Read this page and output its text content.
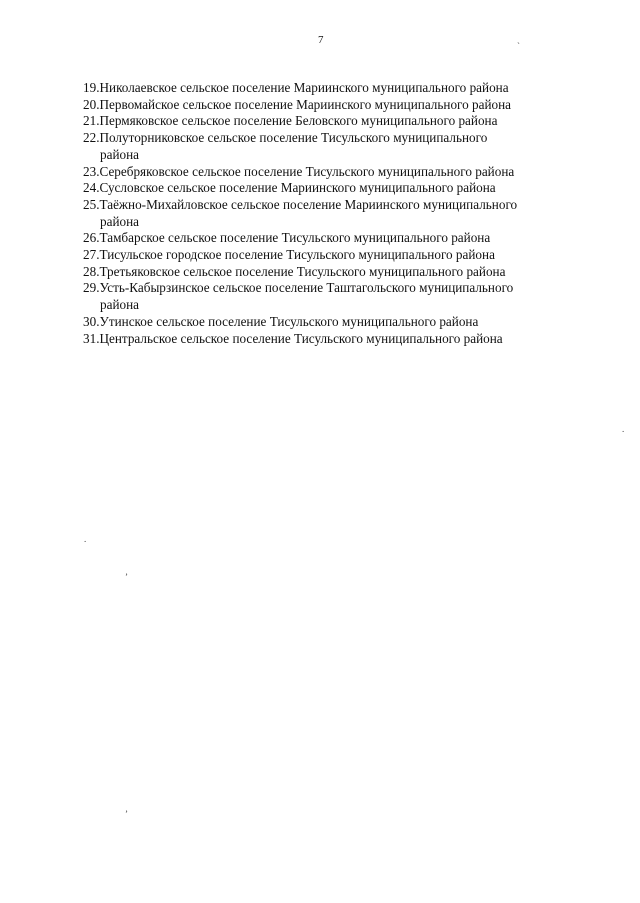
7
19.Николаевское сельское поселение Мариинского муниципального района
20.Первомайское сельское поселение Мариинского муниципального района
21.Пермяковское сельское поселение Беловского муниципального района
22.Полуторниковское сельское поселение Тисульского муниципального
района
23.Серебряковское сельское поселение Тисульского муниципального района
24.Сусловское сельское поселение Мариинского муниципального района
25.Таёжно-Михайловское сельское поселение Мариинского муниципального
района
26.Тамбарское сельское поселение Тисульского муниципального района
27.Тисульское городское поселение Тисульского муниципального района
28.Третьяковское сельское поселение Тисульского муниципального района
29.Усть-Кабырзинское сельское поселение Таштагольского муниципального
района
30.Утинское сельское поселение Тисульского муниципального района
31.Центральское сельское поселение Тисульского муниципального района
`
.
.
ʼ
ʼ
